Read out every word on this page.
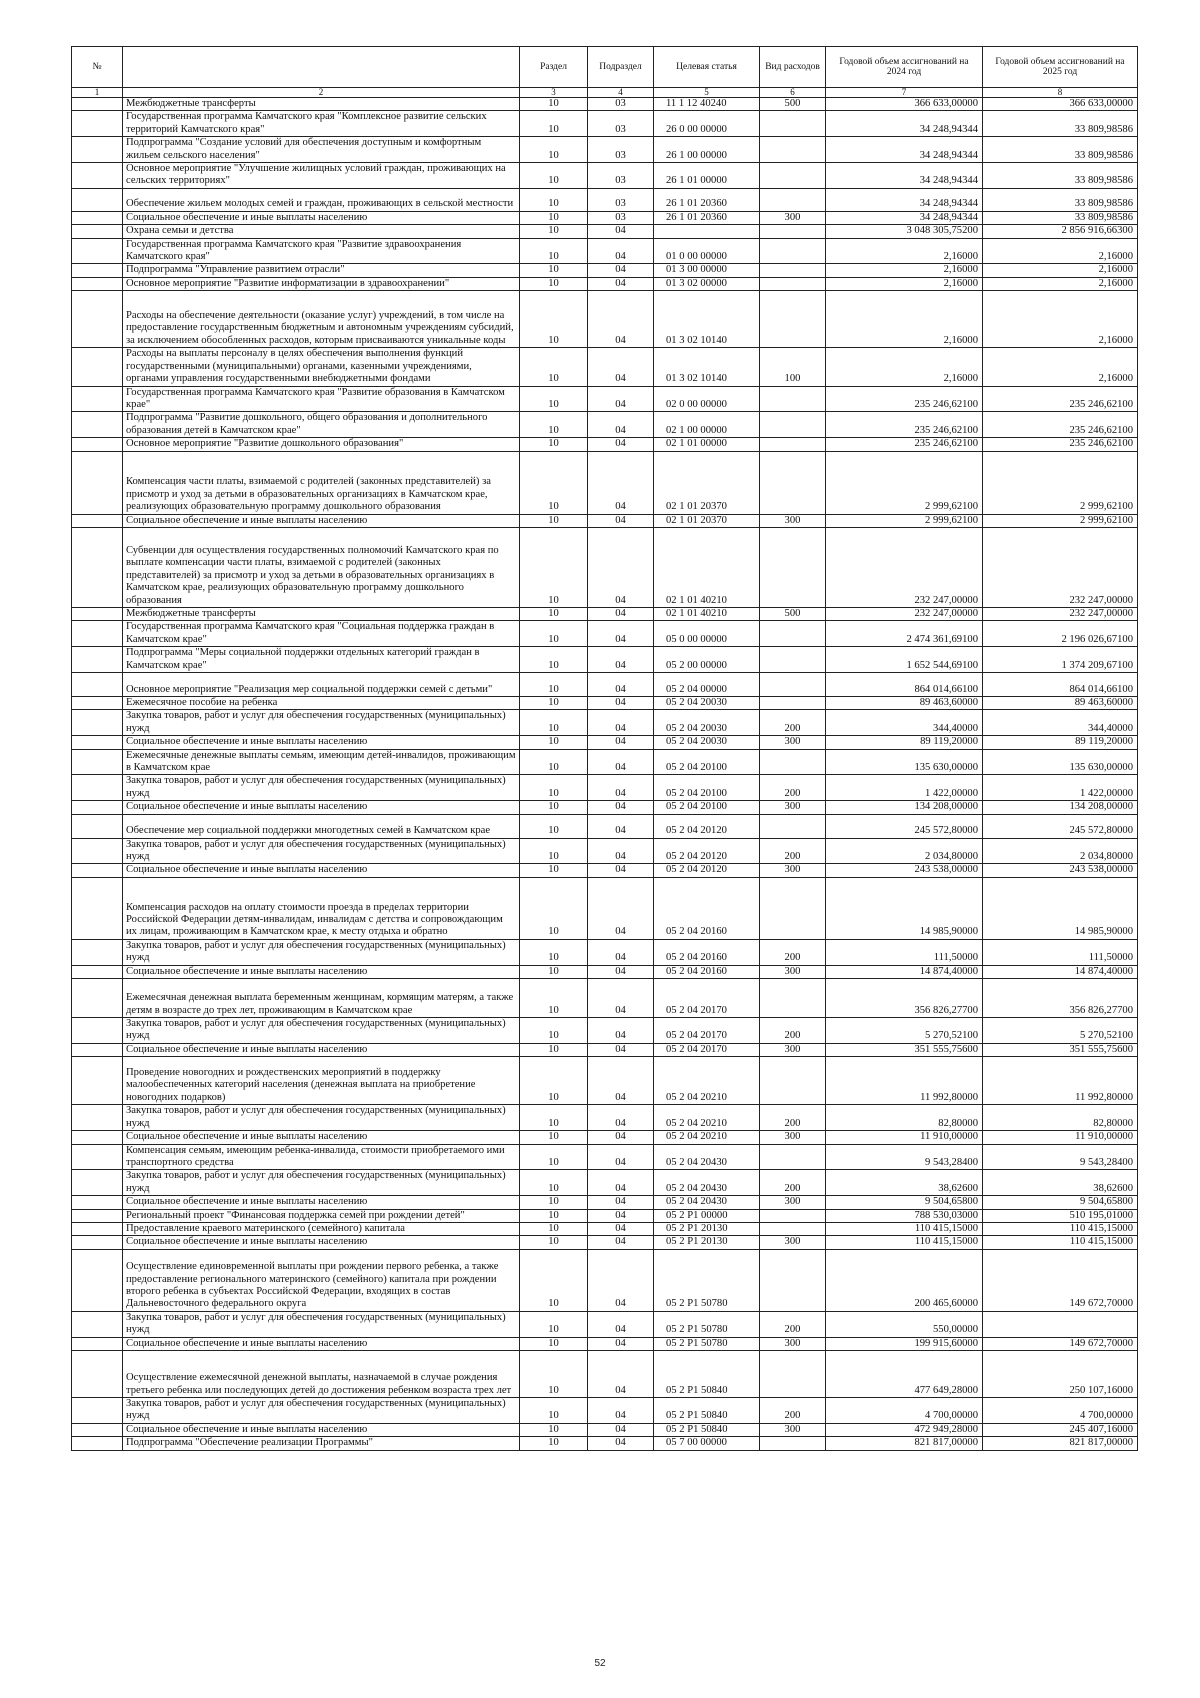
№		Раздел	Подраздел	Целевая статья	Вид расходов	Годовой объем ассигнований на 2024 год	Годовой объем ассигнований на 2025 год
1	2	3	4	5	6	7	8
	Межбюджетные трансферты	10	03	11 1 12 40240	500	366 633,00000	366 633,00000
	Государственная программа Камчатского края "Комплексное развитие сельских территорий Камчатского края"	10	03	26 0 00 00000		34 248,94344	33 809,98586
	Подпрограмма "Создание условий для обеспечения доступным и комфортным жильем сельского населения"	10	03	26 1 00 00000		34 248,94344	33 809,98586
	Основное мероприятие "Улучшение жилищных условий граждан, проживающих на сельских территориях"	10	03	26 1 01 00000		34 248,94344	33 809,98586
	Обеспечение жильем молодых семей и граждан, проживающих в сельской местности	10	03	26 1 01 20360		34 248,94344	33 809,98586
	Социальное обеспечение и иные выплаты населению	10	03	26 1 01 20360	300	34 248,94344	33 809,98586
	Охрана семьи и детства	10	04			3 048 305,75200	2 856 916,66300
	Государственная программа Камчатского края "Развитие здравоохранения Камчатского края"	10	04	01 0 00 00000		2,16000	2,16000
	Подпрограмма "Управление развитием отрасли"	10	04	01 3 00 00000		2,16000	2,16000
	Основное мероприятие "Развитие информатизации в здравоохранении"	10	04	01 3 02 00000		2,16000	2,16000
	Расходы на обеспечение деятельности (оказание услуг) учреждений, в том числе на предоставление государственным бюджетным и автономным учреждениям субсидий, за исключением обособленных расходов, которым присваиваются уникальные коды	10	04	01 3 02 10140		2,16000	2,16000
	Расходы на выплаты персоналу в целях обеспечения выполнения функций государственными (муниципальными) органами, казенными учреждениями, органами управления государственными внебюджетными фондами	10	04	01 3 02 10140	100	2,16000	2,16000
	Государственная программа Камчатского края "Развитие образования в Камчатском крае"	10	04	02 0 00 00000		235 246,62100	235 246,62100
	Подпрограмма "Развитие дошкольного, общего образования и дополнительного образования детей в Камчатском крае"	10	04	02 1 00 00000		235 246,62100	235 246,62100
	Основное мероприятие "Развитие дошкольного образования"	10	04	02 1 01 00000		235 246,62100	235 246,62100
	Компенсация части платы, взимаемой с родителей (законных представителей) за присмотр и уход за детьми в образовательных организациях в Камчатском крае, реализующих образовательную программу дошкольного образования	10	04	02 1 01 20370		2 999,62100	2 999,62100
	Социальное обеспечение и иные выплаты населению	10	04	02 1 01 20370	300	2 999,62100	2 999,62100
	Субвенции для осуществления государственных полномочий Камчатского края по выплате компенсации части платы, взимаемой с родителей (законных представителей) за присмотр и уход за детьми в образовательных организациях в Камчатском крае, реализующих образовательную программу дошкольного образования	10	04	02 1 01 40210		232 247,00000	232 247,00000
	Межбюджетные трансферты	10	04	02 1 01 40210	500	232 247,00000	232 247,00000
	Государственная программа Камчатского края "Социальная поддержка граждан в Камчатском крае"	10	04	05 0 00 00000		2 474 361,69100	2 196 026,67100
	Подпрограмма "Меры социальной поддержки отдельных категорий граждан в Камчатском крае"	10	04	05 2 00 00000		1 652 544,69100	1 374 209,67100
	Основное мероприятие "Реализация мер социальной поддержки семей с детьми"	10	04	05 2 04 00000		864 014,66100	864 014,66100
	Ежемесячное пособие на ребенка	10	04	05 2 04 20030		89 463,60000	89 463,60000
	Закупка товаров, работ и услуг для обеспечения государственных (муниципальных) нужд	10	04	05 2 04 20030	200	344,40000	344,40000
	Социальное обеспечение и иные выплаты населению	10	04	05 2 04 20030	300	89 119,20000	89 119,20000
	Ежемесячные денежные выплаты семьям, имеющим детей-инвалидов, проживающим в Камчатском крае	10	04	05 2 04 20100		135 630,00000	135 630,00000
	Закупка товаров, работ и услуг для обеспечения государственных (муниципальных) нужд	10	04	05 2 04 20100	200	1 422,00000	1 422,00000
	Социальное обеспечение и иные выплаты населению	10	04	05 2 04 20100	300	134 208,00000	134 208,00000
	Обеспечение мер социальной поддержки многодетных семей в Камчатском крае	10	04	05 2 04 20120		245 572,80000	245 572,80000
	Закупка товаров, работ и услуг для обеспечения государственных (муниципальных) нужд	10	04	05 2 04 20120	200	2 034,80000	2 034,80000
	Социальное обеспечение и иные выплаты населению	10	04	05 2 04 20120	300	243 538,00000	243 538,00000
	Компенсация расходов на оплату стоимости проезда в пределах территории Российской Федерации детям-инвалидам, инвалидам с детства и сопровождающим их лицам, проживающим в Камчатском крае, к месту отдыха и обратно	10	04	05 2 04 20160		14 985,90000	14 985,90000
	Закупка товаров, работ и услуг для обеспечения государственных (муниципальных) нужд	10	04	05 2 04 20160	200	111,50000	111,50000
	Социальное обеспечение и иные выплаты населению	10	04	05 2 04 20160	300	14 874,40000	14 874,40000
	Ежемесячная денежная выплата беременным женщинам, кормящим матерям, а также детям в возрасте до трех лет, проживающим в Камчатском крае	10	04	05 2 04 20170		356 826,27700	356 826,27700
	Закупка товаров, работ и услуг для обеспечения государственных (муниципальных) нужд	10	04	05 2 04 20170	200	5 270,52100	5 270,52100
	Социальное обеспечение и иные выплаты населению	10	04	05 2 04 20170	300	351 555,75600	351 555,75600
	Проведение новогодних и рождественских мероприятий в поддержку малообеспеченных категорий населения (денежная выплата на приобретение новогодних подарков)	10	04	05 2 04 20210		11 992,80000	11 992,80000
	Закупка товаров, работ и услуг для обеспечения государственных (муниципальных) нужд	10	04	05 2 04 20210	200	82,80000	82,80000
	Социальное обеспечение и иные выплаты населению	10	04	05 2 04 20210	300	11 910,00000	11 910,00000
	Компенсация семьям, имеющим ребенка-инвалида, стоимости приобретаемого ими транспортного средства	10	04	05 2 04 20430		9 543,28400	9 543,28400
	Закупка товаров, работ и услуг для обеспечения государственных (муниципальных) нужд	10	04	05 2 04 20430	200	38,62600	38,62600
	Социальное обеспечение и иные выплаты населению	10	04	05 2 04 20430	300	9 504,65800	9 504,65800
	Региональный проект "Финансовая поддержка семей при рождении детей"	10	04	05 2 P1 00000		788 530,03000	510 195,01000
	Предоставление краевого материнского (семейного) капитала	10	04	05 2 P1 20130		110 415,15000	110 415,15000
	Социальное обеспечение и иные выплаты населению	10	04	05 2 P1 20130	300	110 415,15000	110 415,15000
	Осуществление единовременной выплаты при рождении первого ребенка, а также предоставление регионального материнского (семейного) капитала при рождении второго ребенка в субъектах Российской Федерации, входящих в состав Дальневосточного федерального округа	10	04	05 2 P1 50780		200 465,60000	149 672,70000
	Закупка товаров, работ и услуг для обеспечения государственных (муниципальных) нужд	10	04	05 2 P1 50780	200	550,00000	
	Социальное обеспечение и иные выплаты населению	10	04	05 2 P1 50780	300	199 915,60000	149 672,70000
	Осуществление ежемесячной денежной выплаты, назначаемой в случае рождения третьего ребенка или последующих детей до достижения ребенком возраста трех лет	10	04	05 2 P1 50840		477 649,28000	250 107,16000
	Закупка товаров, работ и услуг для обеспечения государственных (муниципальных) нужд	10	04	05 2 P1 50840	200	4 700,00000	4 700,00000
	Социальное обеспечение и иные выплаты населению	10	04	05 2 P1 50840	300	472 949,28000	245 407,16000
	Подпрограмма "Обеспечение реализации Программы"	10	04	05 7 00 00000		821 817,00000	821 817,00000
52
